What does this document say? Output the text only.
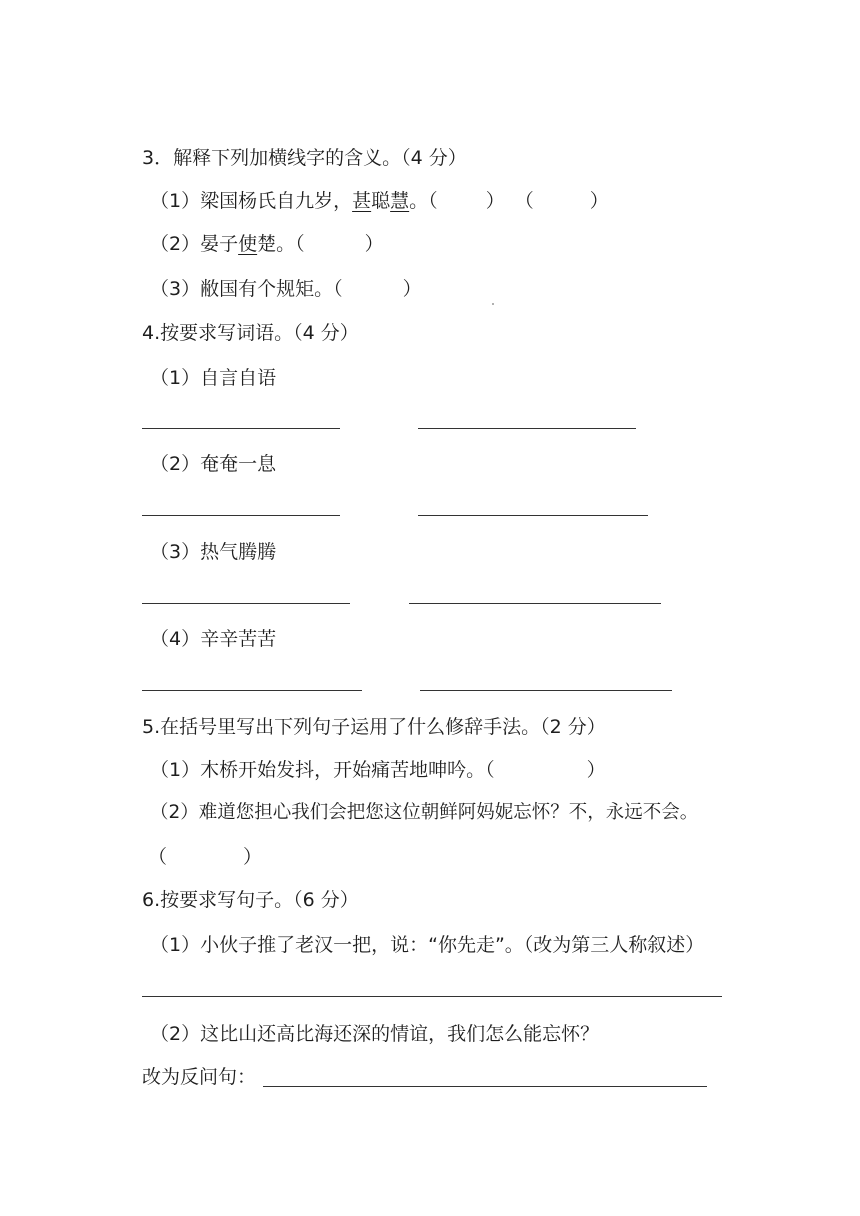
3．解释下列加横线字的含义。（4 分）
（1）梁国杨氏自九岁，甚聪慧。（	） （	）
（2）晏子使楚。（	）
（3）敝国有个规矩。（	）
4.按要求写词语。（4 分）
（1）自言自语
（2）奄奄一息
（3）热气腾腾
（4）辛辛苦苦
5.在括号里写出下列句子运用了什么修辞手法。（2 分）
（1）木桥开始发抖，开始痛苦地呻吟。（	）
（2）难道您担心我们会把您这位朝鲜阿妈妮忘怀？不，永远不会。
（	）
6.按要求写句子。（6 分）
（1）小伙子推了老汉一把，说：“你先走”。（改为第三人称叙述）
（2）这比山还高比海还深的情谊，我们怎么能忘怀？
改为反问句：
